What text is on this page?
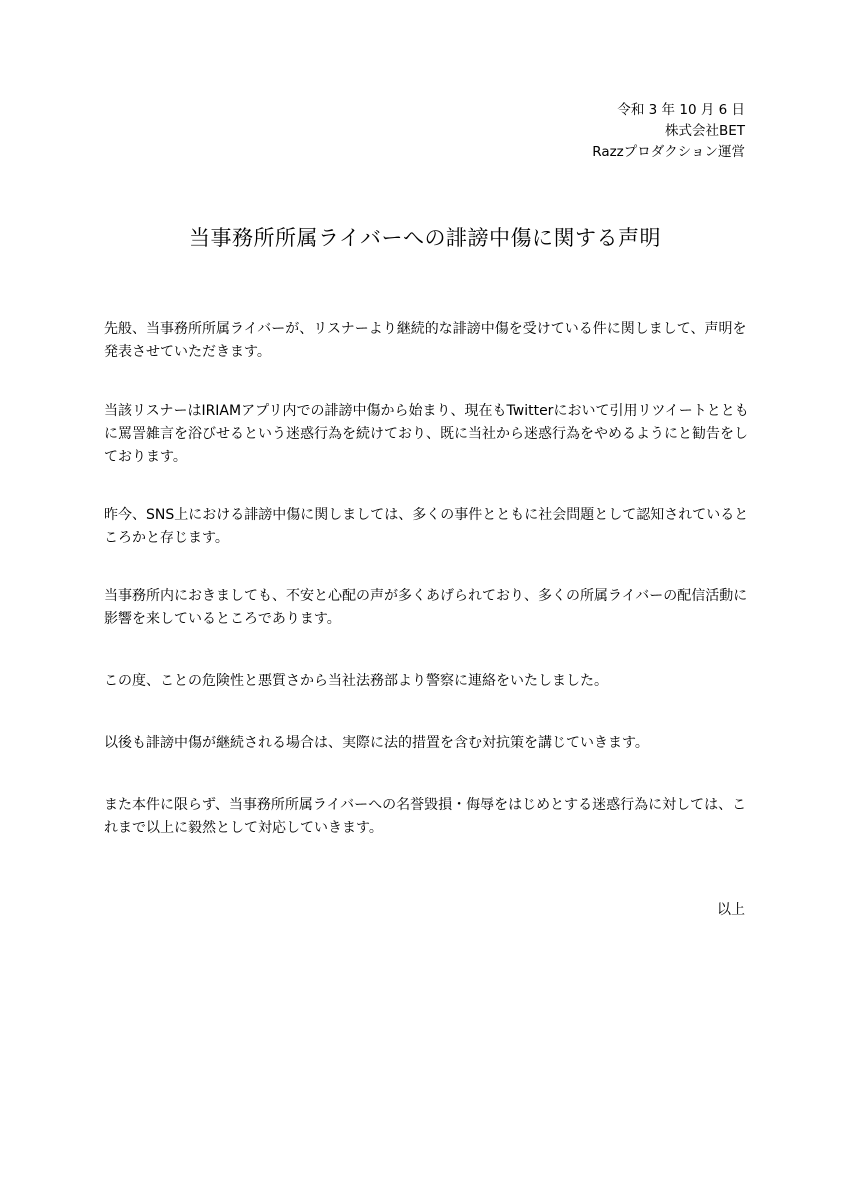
令和 3 年 10 月 6 日
株式会社BET
Razzプロダクション運営
当事務所所属ライバーへの誹謗中傷に関する声明

先般、当事務所所属ライバーが、リスナーより継続的な誹謗中傷を受けている件に関しまして、声明を発表させていただきます。

当該リスナーはIRIAMアプリ内での誹謗中傷から始まり、現在もTwitterにおいて引用リツイートとともに罵詈雑言を浴びせるという迷惑行為を続けており、既に当社から迷惑行為をやめるようにと勧告をしております。

昨今、SNS上における誹謗中傷に関しましては、多くの事件とともに社会問題として認知されているところかと存じます。

当事務所内におきましても、不安と心配の声が多くあげられており、多くの所属ライバーの配信活動に影響を来しているところであります。

この度、ことの危険性と悪質さから当社法務部より警察に連絡をいたしました。

以後も誹謗中傷が継続される場合は、実際に法的措置を含む対抗策を講じていきます。

また本件に限らず、当事務所所属ライバーへの名誉毀損・侮辱をはじめとする迷惑行為に対しては、これまで以上に毅然として対応していきます。

以上
